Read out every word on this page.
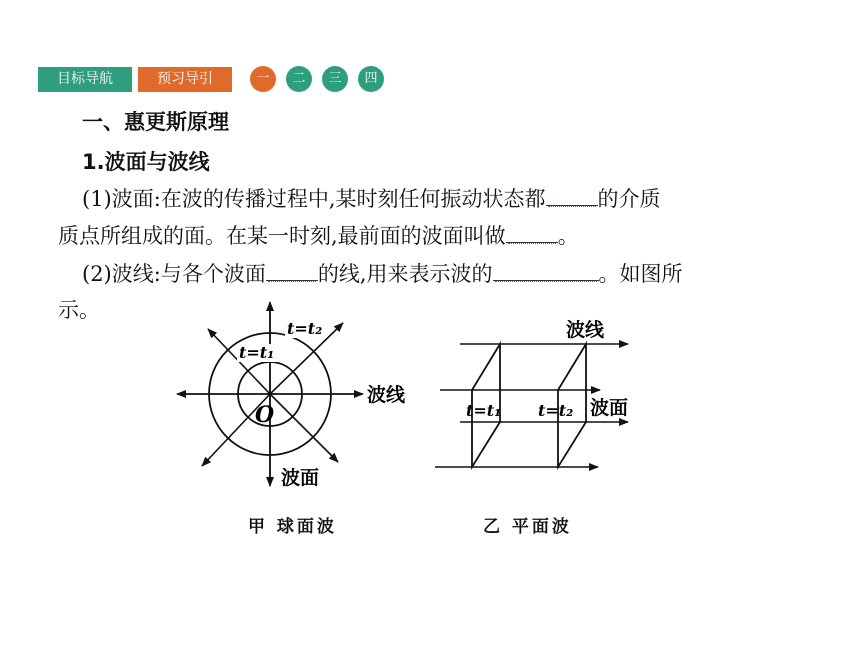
目标导航	预习导引	一	二	三	四
一、惠更斯原理
1.波面与波线
(1)波面:在波的传播过程中,某时刻任何振动状态都 的介质
质点所组成的面。在某一时刻,最前面的波面叫做 。
(2)波线:与各个波面 的线,用来表示波的	。如图所
示。
t=t₂
t=t₁
O
波线
波面
波线
波面
t=t₁ t=t₂
甲 球面波	乙 平面波
